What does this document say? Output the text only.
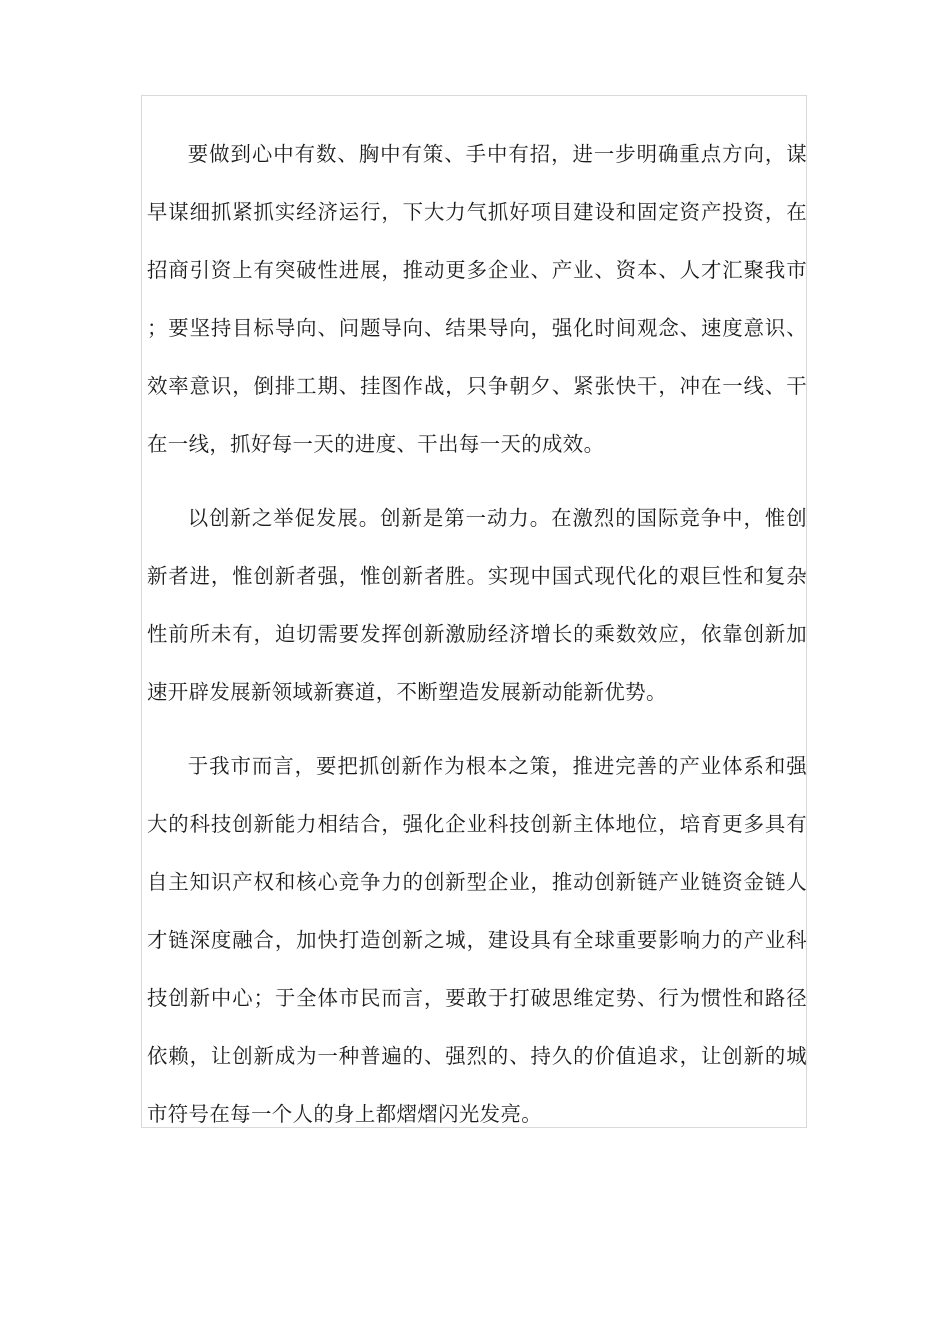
要做到心中有数、胸中有策、手中有招，进一步明确重点方向，谋早谋细抓紧抓实经济运行，下大力气抓好项目建设和固定资产投资，在招商引资上有突破性进展，推动更多企业、产业、资本、人才汇聚我市；要坚持目标导向、问题导向、结果导向，强化时间观念、速度意识、效率意识，倒排工期、挂图作战，只争朝夕、紧张快干，冲在一线、干在一线，抓好每一天的进度、干出每一天的成效。

以创新之举促发展。创新是第一动力。在激烈的国际竞争中，惟创新者进，惟创新者强，惟创新者胜。实现中国式现代化的艰巨性和复杂性前所未有，迫切需要发挥创新激励经济增长的乘数效应，依靠创新加速开辟发展新领域新赛道，不断塑造发展新动能新优势。

于我市而言，要把抓创新作为根本之策，推进完善的产业体系和强大的科技创新能力相结合，强化企业科技创新主体地位，培育更多具有自主知识产权和核心竞争力的创新型企业，推动创新链产业链资金链人才链深度融合，加快打造创新之城，建设具有全球重要影响力的产业科技创新中心；于全体市民而言，要敢于打破思维定势、行为惯性和路径依赖，让创新成为一种普遍的、强烈的、持久的价值追求，让创新的城市符号在每一个人的身上都熠熠闪光发亮。
